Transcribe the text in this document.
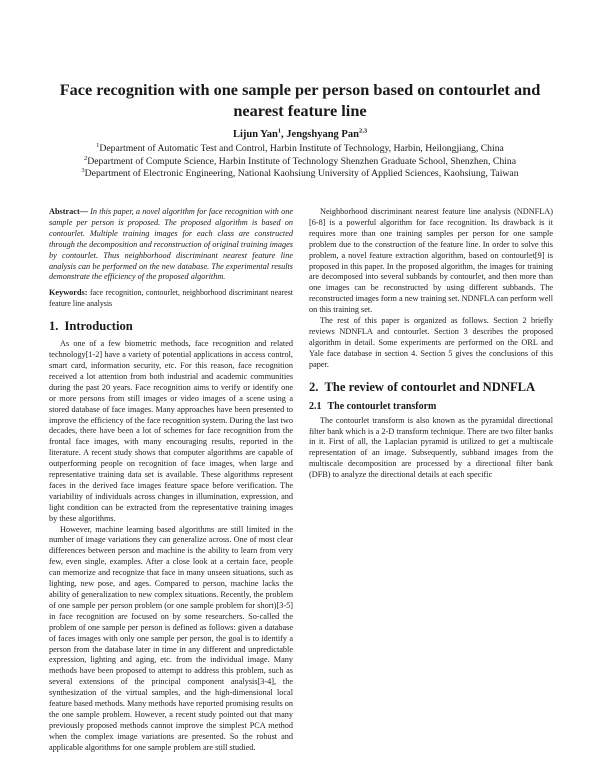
Face recognition with one sample per person based on contourlet and nearest feature line
Lijun Yan$^1$, Jengshyang Pan$^{2,3}$
$^1$Department of Automatic Test and Control, Harbin Institute of Technology, Harbin, Heilongjiang, China
$^2$Department of Compute Science, Harbin Institute of Technology Shenzhen Graduate School, Shenzhen, China
$^3$Department of Electronic Engineering, National Kaohsiung University of Applied Sciences, Kaohsiung, Taiwan

Abstract— In this paper, a novel algorithm for face recognition with one sample per person is proposed. The proposed algorithm is based on contourlet. Multiple training images for each class are constructed through the decomposition and reconstruction of original training images by contourlet. Thus neighborhood discriminant nearest feature line analysis can be performed on the new database. The experimental results demonstrate the efficiency of the proposed algorithm.

Keywords: face recognition, contourlet, neighborhood discriminant nearest feature line analysis

1. Introduction

As one of a few biometric methods, face recognition and related technology[1-2] have a variety of potential applications in access control, smart card, information security, etc. For this reason, face recognition received a lot attention from both industrial and academic communities during the past 20 years. Face recognition aims to verify or identify one or more persons from still images or video images of a scene using a stored database of face images. Many approaches have been presented to improve the efficiency of the face recognition system. During the last two decades, there have been a lot of schemes for face recognition from the frontal face images, with many encouraging results, reported in the literature. A recent study shows that computer algorithms are capable of outperforming people on recognition of face images, when large and representative training data set is available. These algorithms represent faces in the derived face images feature space before verification. The variability of individuals across changes in illumination, expression, and light condition can be extracted from the representative training images by these algorithms.

However, machine learning based algorithms are still limited in the number of image variations they can generalize across. One of most clear differences between person and machine is the ability to learn from very few, even single, examples. After a close look at a certain face, people can memorize and recognize that face in many unseen situations, such as lighting, new pose, and ages. Compared to person, machine lacks the ability of generalization to new complex situations. Recently, the problem of one sample per person problem (or one sample problem for short)[3-5] in face recognition are focused on by some researchers. So-called the problem of one sample per person is defined as follows: given a database of faces images with only one sample per person, the goal is to identify a person from the database later in time in any different and unpredictable expression, lighting and aging, etc. from the individual image. Many methods have been proposed to attempt to address this problem, such as several extensions of the principal component analysis[3-4], the synthesization of the virtual samples, and the high-dimensional local feature based methods. Many methods have reported promising results on the one sample problem. However, a recent study pointed out that many previously proposed methods cannot improve the simplest PCA method when the complex image variations are presented. So the robust and applicable algorithms for one sample problem are still studied.

Neighborhood discriminant nearest feature line analysis (NDNFLA)[6-8] is a powerful algorithm for face recognition. Its drawback is it requires more than one training samples per person for one sample problem due to the construction of the feature line. In order to solve this problem, a novel feature extraction algorithm, based on contourlet[9] is proposed in this paper. In the proposed algorithm, the images for training are decomposed into several subbands by contourlet, and then more than one images can be reconstructed by using different subbands. The reconstructed images form a new training set. NDNFLA can perform well on this training set.

The rest of this paper is organized as follows. Section 2 briefly reviews NDNFLA and contourlet. Section 3 describes the proposed algorithm in detail. Some experiments are performed on the ORL and Yale face database in section 4. Section 5 gives the conclusions of this paper.

2. The review of contourlet and NDNFLA
2.1 The contourlet transform

The contourlet transform is also known as the pyramidal directional filter bank which is a 2-D transform technique. There are two filter banks in it. First of all, the Laplacian pyramid is utilized to get a multiscale representation of an image. Subsequently, subband images from the multiscale decomposition are processed by a directional filter bank (DFB) to analyze the directional details at each specific
